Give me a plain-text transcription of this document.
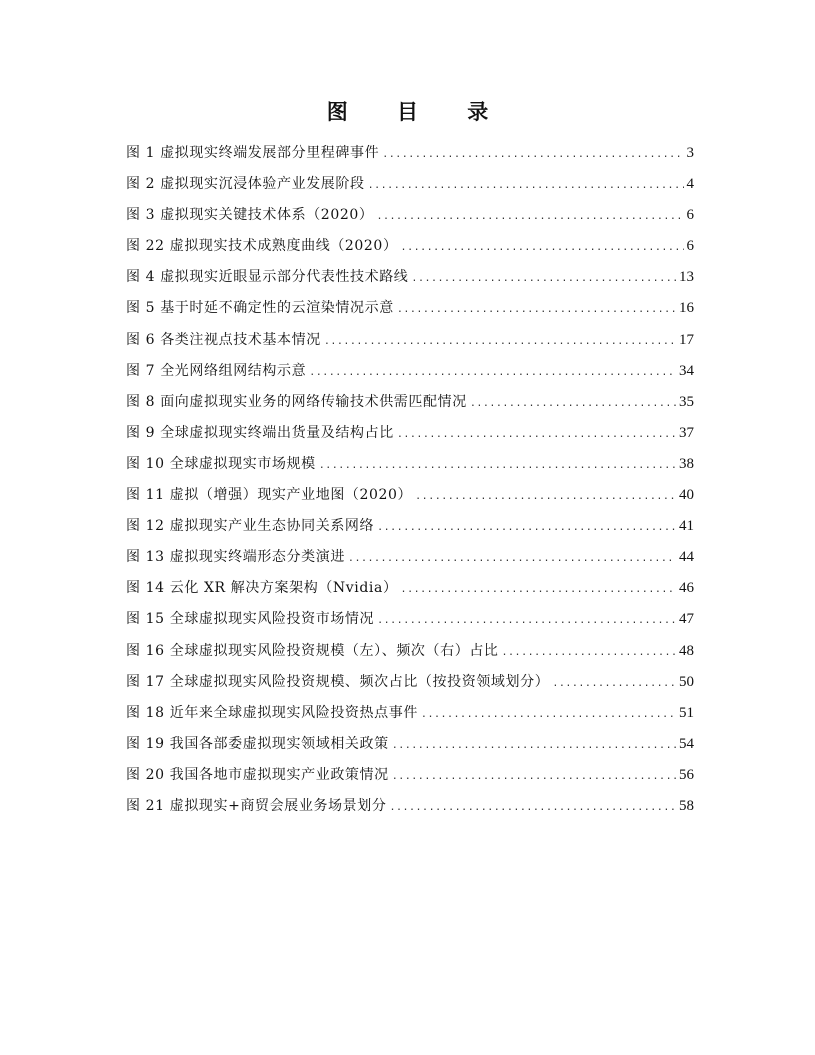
图 目 录
图 1 虚拟现实终端发展部分里程碑事件 .....	3
图 2 虚拟现实沉浸体验产业发展阶段 .....	4
图 3 虚拟现实关键技术体系（2020） .....	6
图 22 虚拟现实技术成熟度曲线（2020） .....	6
图 4 虚拟现实近眼显示部分代表性技术路线 .....	13
图 5 基于时延不确定性的云渲染情况示意 .....	16
图 6 各类注视点技术基本情况 .....	17
图 7 全光网络组网结构示意 .....	34
图 8 面向虚拟现实业务的网络传输技术供需匹配情况 .....	35
图 9 全球虚拟现实终端出货量及结构占比 .....	37
图 10 全球虚拟现实市场规模 .....	38
图 11 虚拟（增强）现实产业地图（2020） .....	40
图 12 虚拟现实产业生态协同关系网络 .....	41
图 13 虚拟现实终端形态分类演进 .....	44
图 14 云化 XR 解决方案架构（Nvidia） .....	46
图 15 全球虚拟现实风险投资市场情况 .....	47
图 16 全球虚拟现实风险投资规模（左）、频次（右）占比 .....	48
图 17 全球虚拟现实风险投资规模、频次占比（按投资领域划分） .....	50
图 18 近年来全球虚拟现实风险投资热点事件 .....	51
图 19 我国各部委虚拟现实领域相关政策 .....	54
图 20 我国各地市虚拟现实产业政策情况 .....	56
图 21 虚拟现实+商贸会展业务场景划分 .....	58
